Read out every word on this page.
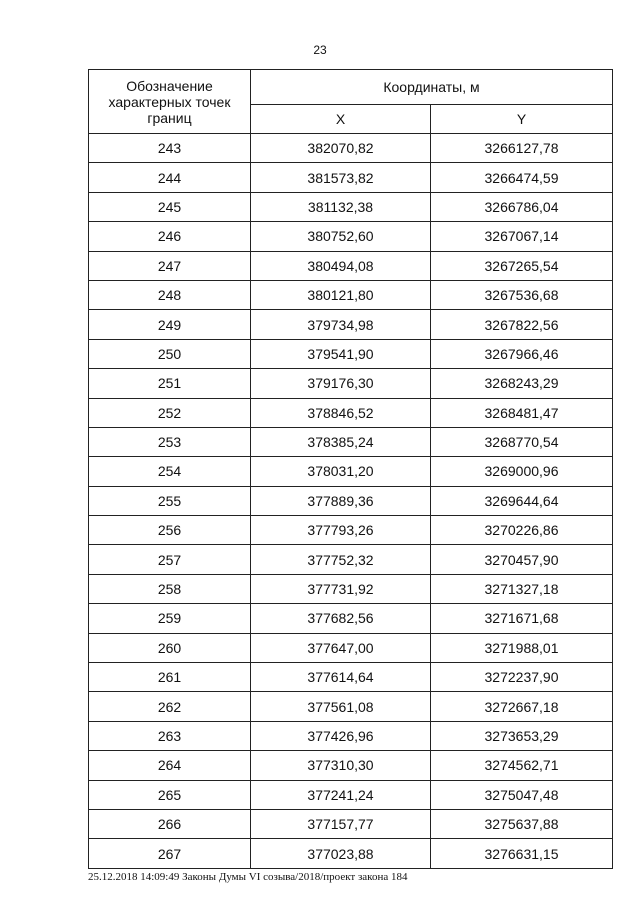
23
Обозначение характерных точек границ	Координаты, м	
	X	Y
243	382070,82	3266127,78
244	381573,82	3266474,59
245	381132,38	3266786,04
246	380752,60	3267067,14
247	380494,08	3267265,54
248	380121,80	3267536,68
249	379734,98	3267822,56
250	379541,90	3267966,46
251	379176,30	3268243,29
252	378846,52	3268481,47
253	378385,24	3268770,54
254	378031,20	3269000,96
255	377889,36	3269644,64
256	377793,26	3270226,86
257	377752,32	3270457,90
258	377731,92	3271327,18
259	377682,56	3271671,68
260	377647,00	3271988,01
261	377614,64	3272237,90
262	377561,08	3272667,18
263	377426,96	3273653,29
264	377310,30	3274562,71
265	377241,24	3275047,48
266	377157,77	3275637,88
267	377023,88	3276631,15
25.12.2018 14:09:49 Законы Думы VI созыва/2018/проект закона 184
